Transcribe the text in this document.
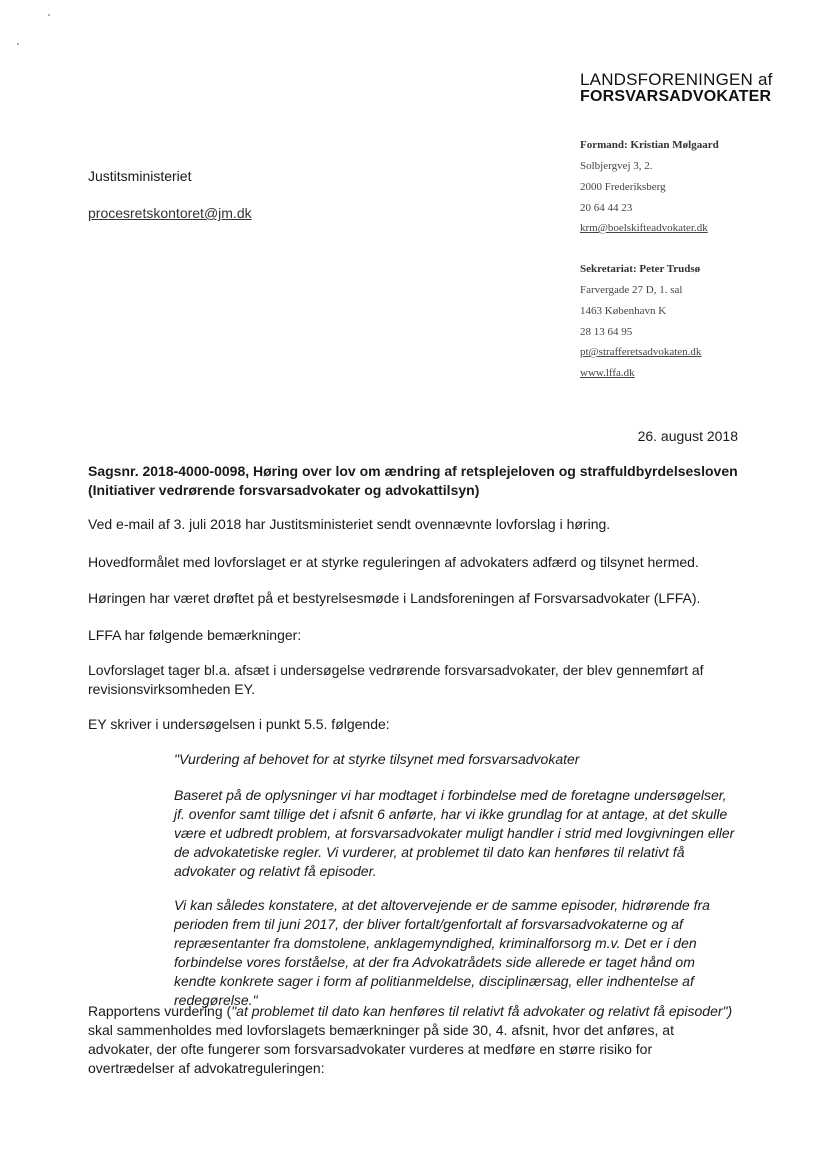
LANDSFORENINGEN af
FORSVARSADVOKATER
Formand: Kristian Mølgaard
Solbjergvej 3, 2.
2000 Frederiksberg
20 64 44 23
krm@boelskifteadvokater.dk
Sekretariat: Peter Trudsø
Farvergade 27 D, 1. sal
1463 København K
28 13 64 95
pt@strafferetsadvokaten.dk
www.lffa.dk
Justitsministeriet
procesretskontoret@jm.dk
26. august 2018
Sagsnr. 2018-4000-0098, Høring over lov om ændring af retsplejeloven og straffuldbyrdelsesloven (Initiativer vedrørende forsvarsadvokater og advokattilsyn)
Ved e-mail af 3. juli 2018 har Justitsministeriet sendt ovennævnte lovforslag i høring.
Hovedformålet med lovforslaget er at styrke reguleringen af advokaters adfærd og tilsynet hermed.
Høringen har været drøftet på et bestyrelsesmøde i Landsforeningen af Forsvarsadvokater (LFFA).
LFFA har følgende bemærkninger:
Lovforslaget tager bl.a. afsæt i undersøgelse vedrørende forsvarsadvokater, der blev gennemført af revisionsvirksomheden EY.
EY skriver i undersøgelsen i punkt 5.5. følgende:
"Vurdering af behovet for at styrke tilsynet med forsvarsadvokater
Baseret på de oplysninger vi har modtaget i forbindelse med de foretagne undersøgelser, jf. ovenfor samt tillige det i afsnit 6 anførte, har vi ikke grundlag for at antage, at det skulle være et udbredt problem, at forsvarsadvokater muligt handler i strid med lovgivningen eller de advokatetiske regler. Vi vurderer, at problemet til dato kan henføres til relativt få advokater og relativt få episoder.
Vi kan således konstatere, at det altovervejende er de samme episoder, hidrørende fra perioden frem til juni 2017, der bliver fortalt/genfortalt af forsvarsadvokaterne og af repræsentanter fra domstolene, anklagemyndighed, kriminalforsorg m.v. Det er i den forbindelse vores forståelse, at der fra Advokatrådets side allerede er taget hånd om kendte konkrete sager i form af politianmeldelse, disciplinærsag, eller indhentelse af redegørelse."
Rapportens vurdering ("at problemet til dato kan henføres til relativt få advokater og relativt få episoder") skal sammenholdes med lovforslagets bemærkninger på side 30, 4. afsnit, hvor det anføres, at advokater, der ofte fungerer som forsvarsadvokater vurderes at medføre en større risiko for overtrædelser af advokatreguleringen:
